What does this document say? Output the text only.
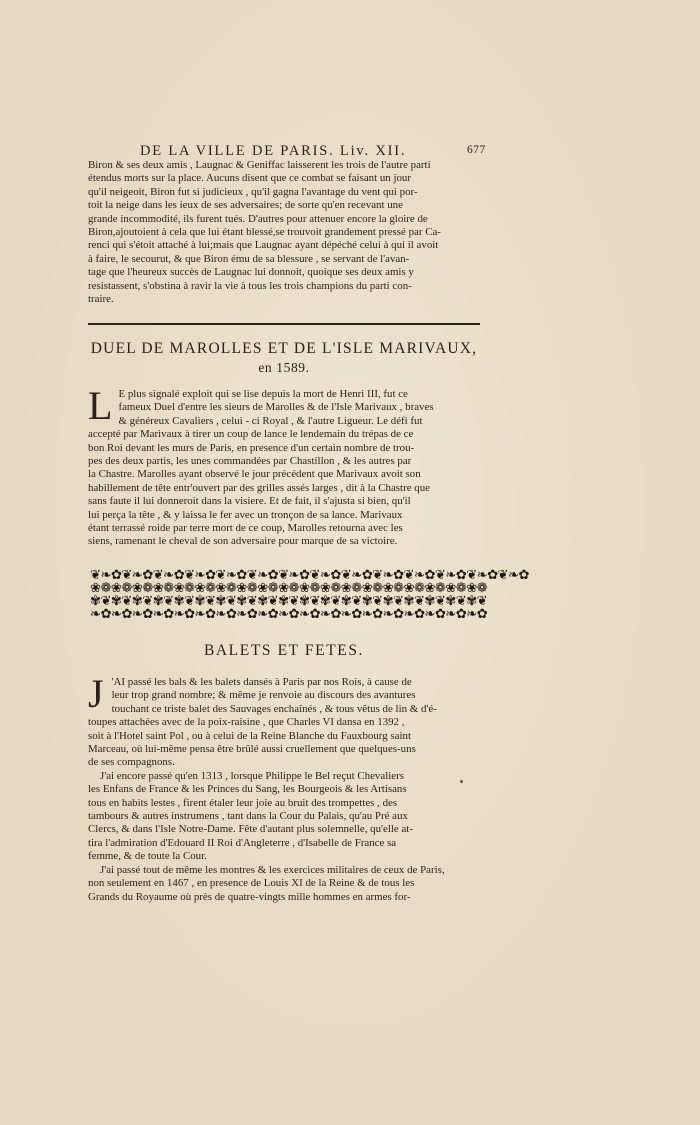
DE LA VILLE DE PARIS. Liv. XII.	677

Biron & ses deux amis , Laugnac & Geniffac laisserent les trois de l'autre parti

étendus morts sur la place. Aucuns disent que ce combat se faisant un jour

qu'il neigeoit, Biron fut si judicieux , qu'il gagna l'avantage du vent qui por-

toit la neige dans les ieux de ses adversaires; de sorte qu'en recevant une

grande incommodité, ils furent tués. D'autres pour attenuer encore la gloire de

Biron,ajoutoient à cela que lui étant blessé,se trouvoit grandement pressé par Ca-

renci qui s'étoit attaché à lui;mais que Laugnac ayant dépéché celui à qui il avoit

à faire, le secourut, & que Biron ému de sa blessure , se servant de l'avan-

tage que l'heureux succès de Laugnac lui donnoit, quoique ses deux amis y

resistassent, s'obstina à ravir la vie à tous les trois champions du parti con-

traire.

DUEL DE MAROLLES ET DE L'ISLE MARIVAUX,
en 1589.
L E plus signalé exploit qui se lise depuis la mort de Henri III, fut ce

fameux Duel d'entre les sieurs de Marolles & de l'Isle Marivaux , braves

& généreux Cavaliers , celui - ci Royal , & l'autre Ligueur. Le défi fut

accepté par Marivaux à tirer un coup de lance le lendemain du trépas de ce

bon Roi devant les murs de Paris, en presence d'un certain nombre de trou-

pes des deux partis, les unes commandées par Chastillon , & les autres par

la Chastre. Marolles ayant observé le jour précédent que Marivaux avoit son

habillement de tête entr'ouvert par des grilles assés larges , dit à la Chastre que

sans faute il lui donneroit dans la visiere. Et de fait, il s'ajusta si bien, qu'il

lui perça la tête , & y laissa le fer avec un tronçon de sa lance. Marivaux

étant terrassé roide par terre mort de ce coup, Marolles retourna avec les

siens, ramenant le cheval de son adversaire pour marque de sa victoire.

❦❧✿❦❧✿❦❧✿❦❧✿❦❧✿❦❧✿❦❧✿❦❧✿❦❧✿❦❧✿❦❧✿❦❧✿❦❧✿❦❧✿
❀❁❀❁❀❁❀❁❀❁❀❁❀❁❀❁❀❁❀❁❀❁❀❁❀❁❀❁❀❁❀❁❀❁❀❁❀❁
✾❦✾❦✾❦✾❦✾❦✾❦✾❦✾❦✾❦✾❦✾❦✾❦✾❦✾❦✾❦✾❦✾❦✾❦✾❦
❧✿❧✿❧✿❧✿❧✿❧✿❧✿❧✿❧✿❧✿❧✿❧✿❧✿❧✿❧✿❧✿❧✿❧✿❧✿
BALETS ET FETES.
J 'AI passé les bals & les balets dansés à Paris par nos Rois, à cause de

leur trop grand nombre; & même je renvoie au discours des avantures

touchant ce triste balet des Sauvages enchaînés , & tous vêtus de lin & d'é-

toupes attachées avec de la poix-raisine , que Charles VI dansa en 1392 ,

soit à l'Hotel saint Pol , ou à celui de la Reine Blanche du Fauxbourg saint

Marceau, où lui-même pensa être brûlé aussi cruellement que quelques-uns

de ses compagnons.

J'ai encore passé qu'en 1313 , lorsque Philippe le Bel reçut Chevaliers

les Enfans de France & les Princes du Sang, les Bourgeois & les Artisans

tous en habits lestes , firent étaler leur joie au bruit des trompettes , des

tambours & autres instrumens , tant dans la Cour du Palais, qu'au Pré aux

Clercs, & dans l'Isle Notre-Dame. Fête d'autant plus solemnelle, qu'elle at-

tira l'admiration d'Edouard II Roi d'Angleterre , d'Isabelle de France sa

femme, & de toute la Cour.

J'ai passé tout de même les montres & les exercices militaires de ceux de Paris,

non seulement en 1467 , en presence de Louis XI de la Reine & de tous les

Grands du Royaume où près de quatre-vingts mille hommes en armes for-
